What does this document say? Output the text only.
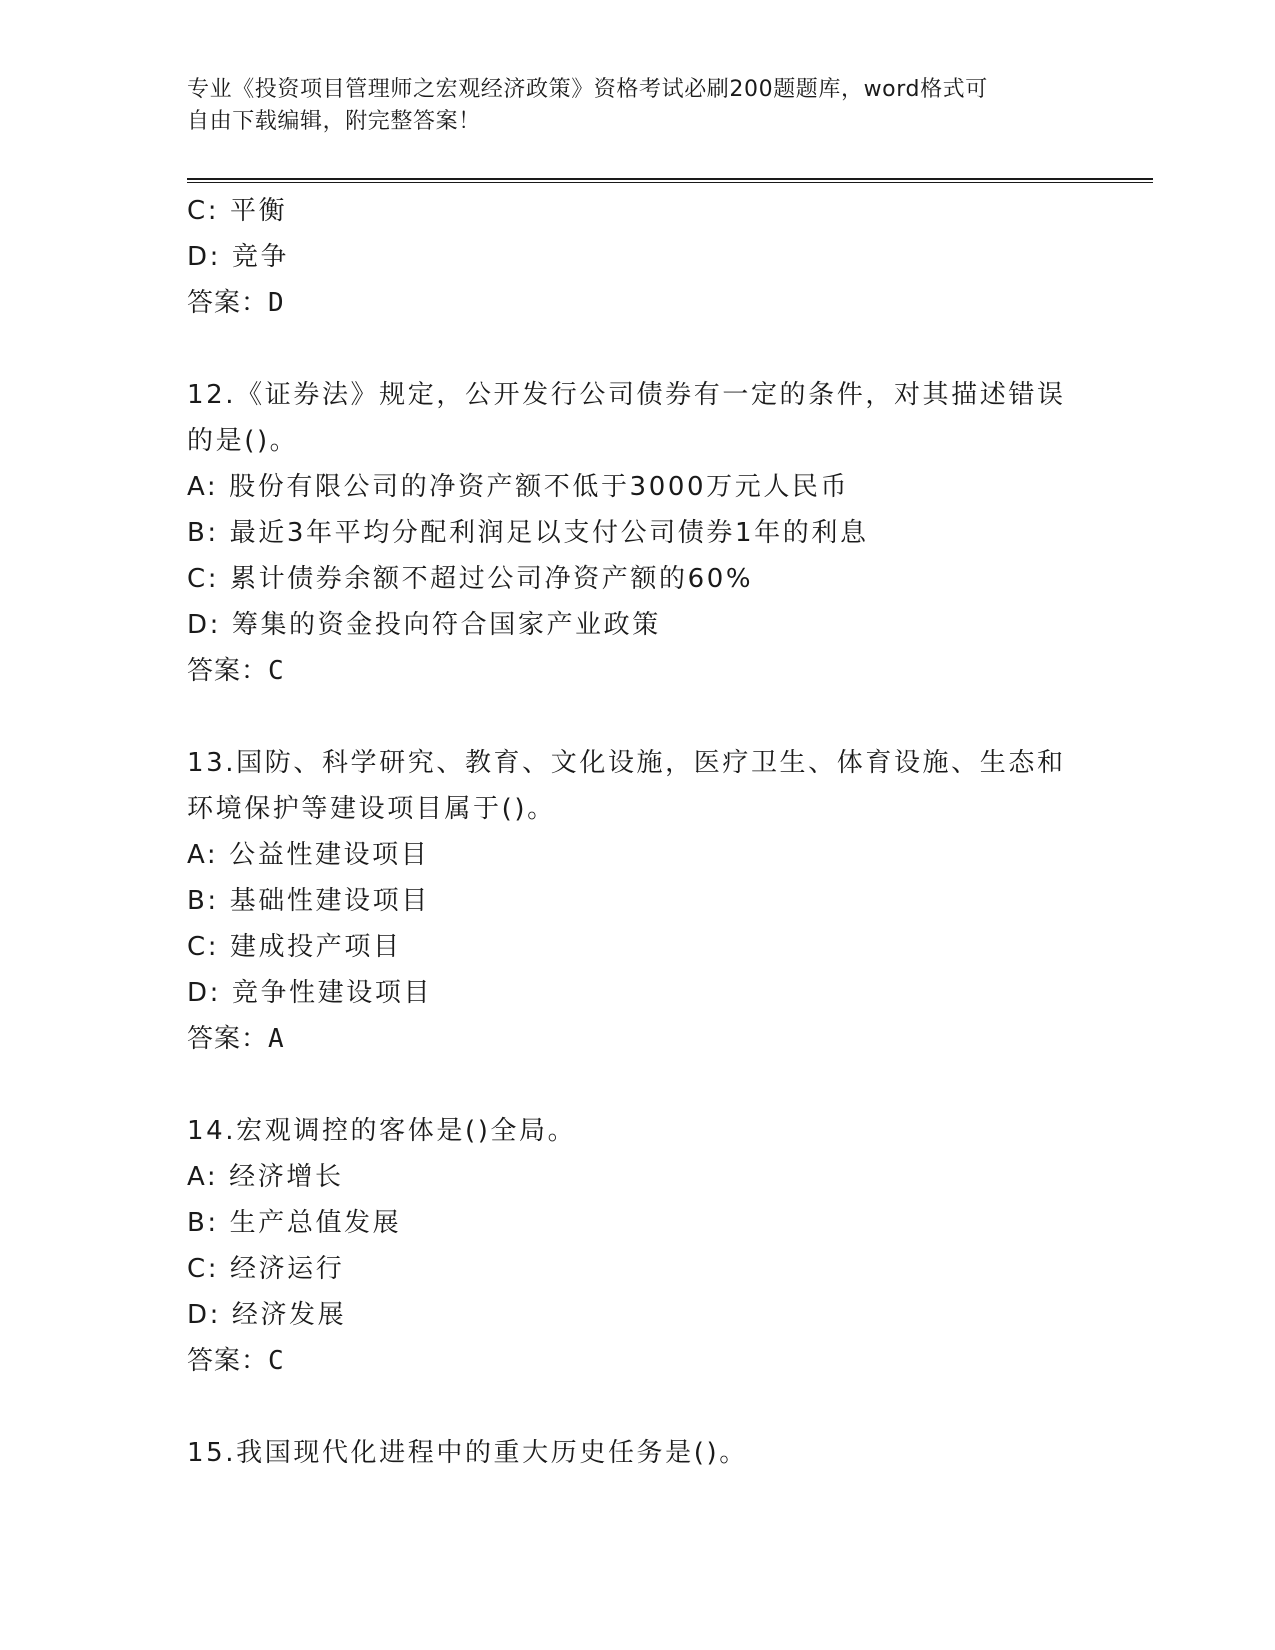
专业《投资项目管理师之宏观经济政策》资格考试必刷200题题库，word格式可
自由下载编辑，附完整答案！
C: 平衡
D: 竞争
答案：D
12.《证券法》规定，公开发行公司债券有一定的条件，对其描述错误
的是()。
A: 股份有限公司的净资产额不低于3000万元人民币
B: 最近3年平均分配利润足以支付公司债券1年的利息
C: 累计债券余额不超过公司净资产额的60%
D: 筹集的资金投向符合国家产业政策
答案：C
13.国防、科学研究、教育、文化设施，医疗卫生、体育设施、生态和
环境保护等建设项目属于()。
A: 公益性建设项目
B: 基础性建设项目
C: 建成投产项目
D: 竞争性建设项目
答案：A
14.宏观调控的客体是()全局。
A: 经济增长
B: 生产总值发展
C: 经济运行
D: 经济发展
答案：C
15.我国现代化进程中的重大历史任务是()。
